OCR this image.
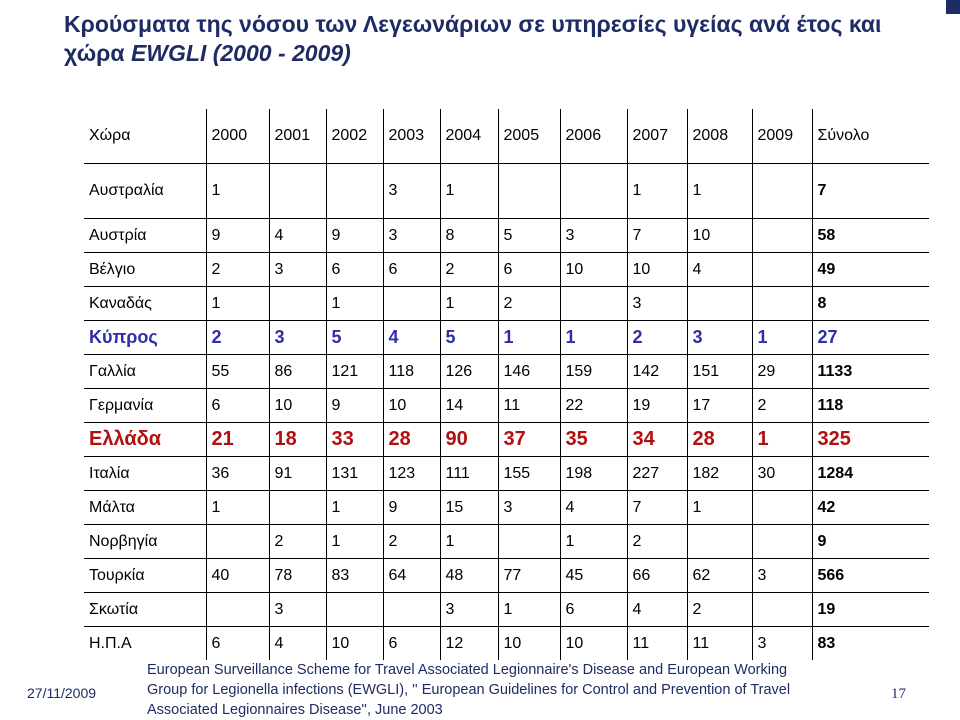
Κρούσματα της νόσου των Λεγεωνάριων σε υπηρεσίες υγείας ανά έτος και
χώρα EWGLI (2000 - 2009)
Χώρα	2000	2001	2002	2003	2004	2005	2006	2007	2008	2009	Σύνολο
Αυστραλία	1			3	1			1	1		7
Αυστρία	9	4	9	3	8	5	3	7	10		58
Βέλγιο	2	3	6	6	2	6	10	10	4		49
Καναδάς	1		1		1	2		3			8
Κύπρος	2	3	5	4	5	1	1	2	3	1	27
Γαλλία	55	86	121	118	126	146	159	142	151	29	1133
Γερμανία	6	10	9	10	14	11	22	19	17	2	118
Ελλάδα	21	18	33	28	90	37	35	34	28	1	325
Ιταλία	36	91	131	123	111	155	198	227	182	30	1284
Μάλτα	1		1	9	15	3	4	7	1		42
Νορβηγία		2	1	2	1		1	2			9
Τουρκία	40	78	83	64	48	77	45	66	62	3	566
Σκωτία		3			3	1	6	4	2		19
Η.Π.Α	6	4	10	6	12	10	10	11	11	3	83
27/11/2009
European Surveillance Scheme for Travel Associated Legionnaire's Disease and European Working
Group for Legionella infections (EWGLI), '' European Guidelines for Control and Prevention of Travel
Associated Legionnaires Disease'', June 2003
17
